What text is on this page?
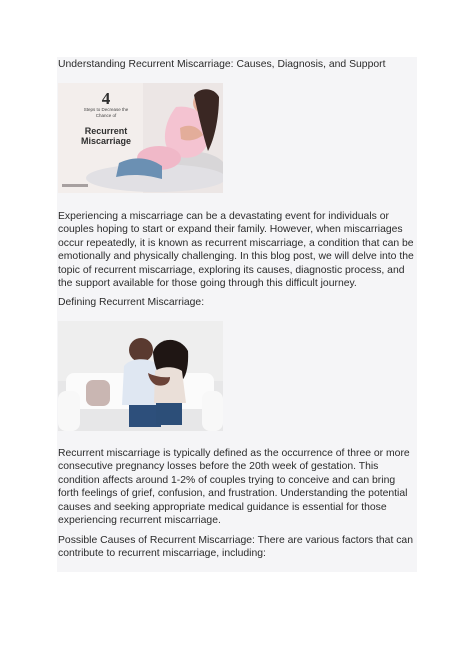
Understanding Recurrent Miscarriage: Causes, Diagnosis, and Support
4
Steps to Decrease the
Chance of
Recurrent Miscarriage
Experiencing a miscarriage can be a devastating event for individuals or couples hoping to start or expand their family. However, when miscarriages occur repeatedly, it is known as recurrent miscarriage, a condition that can be emotionally and physically challenging. In this blog post, we will delve into the topic of recurrent miscarriage, exploring its causes, diagnostic process, and the support available for those going through this difficult journey.
Defining Recurrent Miscarriage:
Recurrent miscarriage is typically defined as the occurrence of three or more consecutive pregnancy losses before the 20th week of gestation. This condition affects around 1-2% of couples trying to conceive and can bring forth feelings of grief, confusion, and frustration. Understanding the potential causes and seeking appropriate medical guidance is essential for those experiencing recurrent miscarriage.
Possible Causes of Recurrent Miscarriage: There are various factors that can contribute to recurrent miscarriage, including:
